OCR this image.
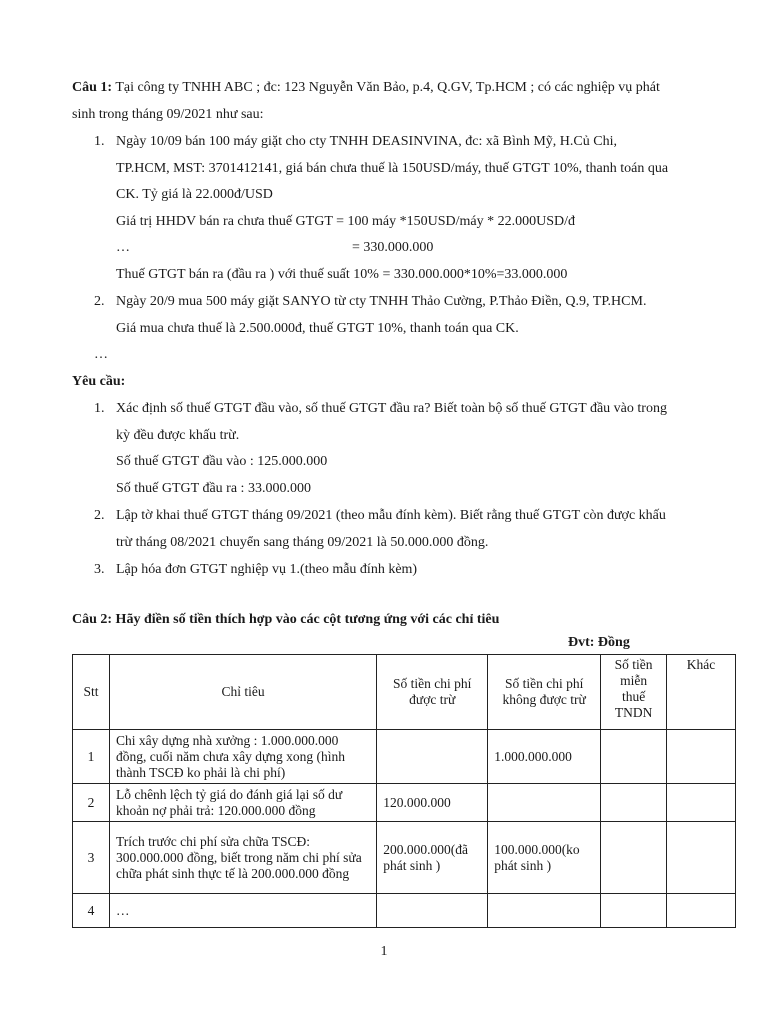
Câu 1: Tại công ty TNHH ABC ; đc: 123 Nguyễn Văn Bảo, p.4, Q.GV, Tp.HCM ; có các nghiệp vụ phát
sinh trong tháng 09/2021 như sau:
1. Ngày 10/09 bán 100 máy giặt cho cty TNHH DEASINVINA, đc: xã Bình Mỹ, H.Củ Chi,
TP.HCM, MST: 3701412141, giá bán chưa thuế là 150USD/máy, thuế GTGT 10%, thanh toán qua
CK. Tỷ giá là 22.000đ/USD
Giá trị HHDV bán ra chưa thuế GTGT = 100 máy *150USD/máy * 22.000USD/đ
…	= 330.000.000
Thuế GTGT bán ra (đầu ra ) với thuế suất 10% = 330.000.000*10%=33.000.000
2. Ngày 20/9 mua 500 máy giặt SANYO từ cty TNHH Thảo Cường, P.Thảo Điền, Q.9, TP.HCM.
Giá mua chưa thuế là 2.500.000đ, thuế GTGT 10%, thanh toán qua CK.
…
Yêu cầu:
1. Xác định số thuế GTGT đầu vào, số thuế GTGT đầu ra? Biết toàn bộ số thuế GTGT đầu vào trong
kỳ đều được khấu trừ.
Số thuế GTGT đầu vào : 125.000.000
Số thuế GTGT đầu ra : 33.000.000
2. Lập tờ khai thuế GTGT tháng 09/2021 (theo mẫu đính kèm). Biết rằng thuế GTGT còn được khấu
trừ tháng 08/2021 chuyển sang tháng 09/2021 là 50.000.000 đồng.
3. Lập hóa đơn GTGT nghiệp vụ 1.(theo mẫu đính kèm)
Câu 2: Hãy điền số tiền thích hợp vào các cột tương ứng với các chỉ tiêu
Đvt: Đồng
Stt	Chỉ tiêu	Số tiền chi phí được trừ	Số tiền chi phí không được trừ	Số tiền miễn thuế TNDN	Khác
1	Chi xây dựng nhà xưởng : 1.000.000.000 đồng, cuối năm chưa xây dựng xong (hình thành TSCĐ ko phải là chi phí)		1.000.000.000		
2	Lỗ chênh lệch tỷ giá do đánh giá lại số dư khoản nợ phải trả: 120.000.000 đồng	120.000.000			
3	Trích trước chi phí sửa chữa TSCĐ: 300.000.000 đồng, biết trong năm chi phí sửa chữa phát sinh thực tế là 200.000.000 đồng	200.000.000(đã phát sinh )	100.000.000(ko phát sinh )		
4	…				
1
